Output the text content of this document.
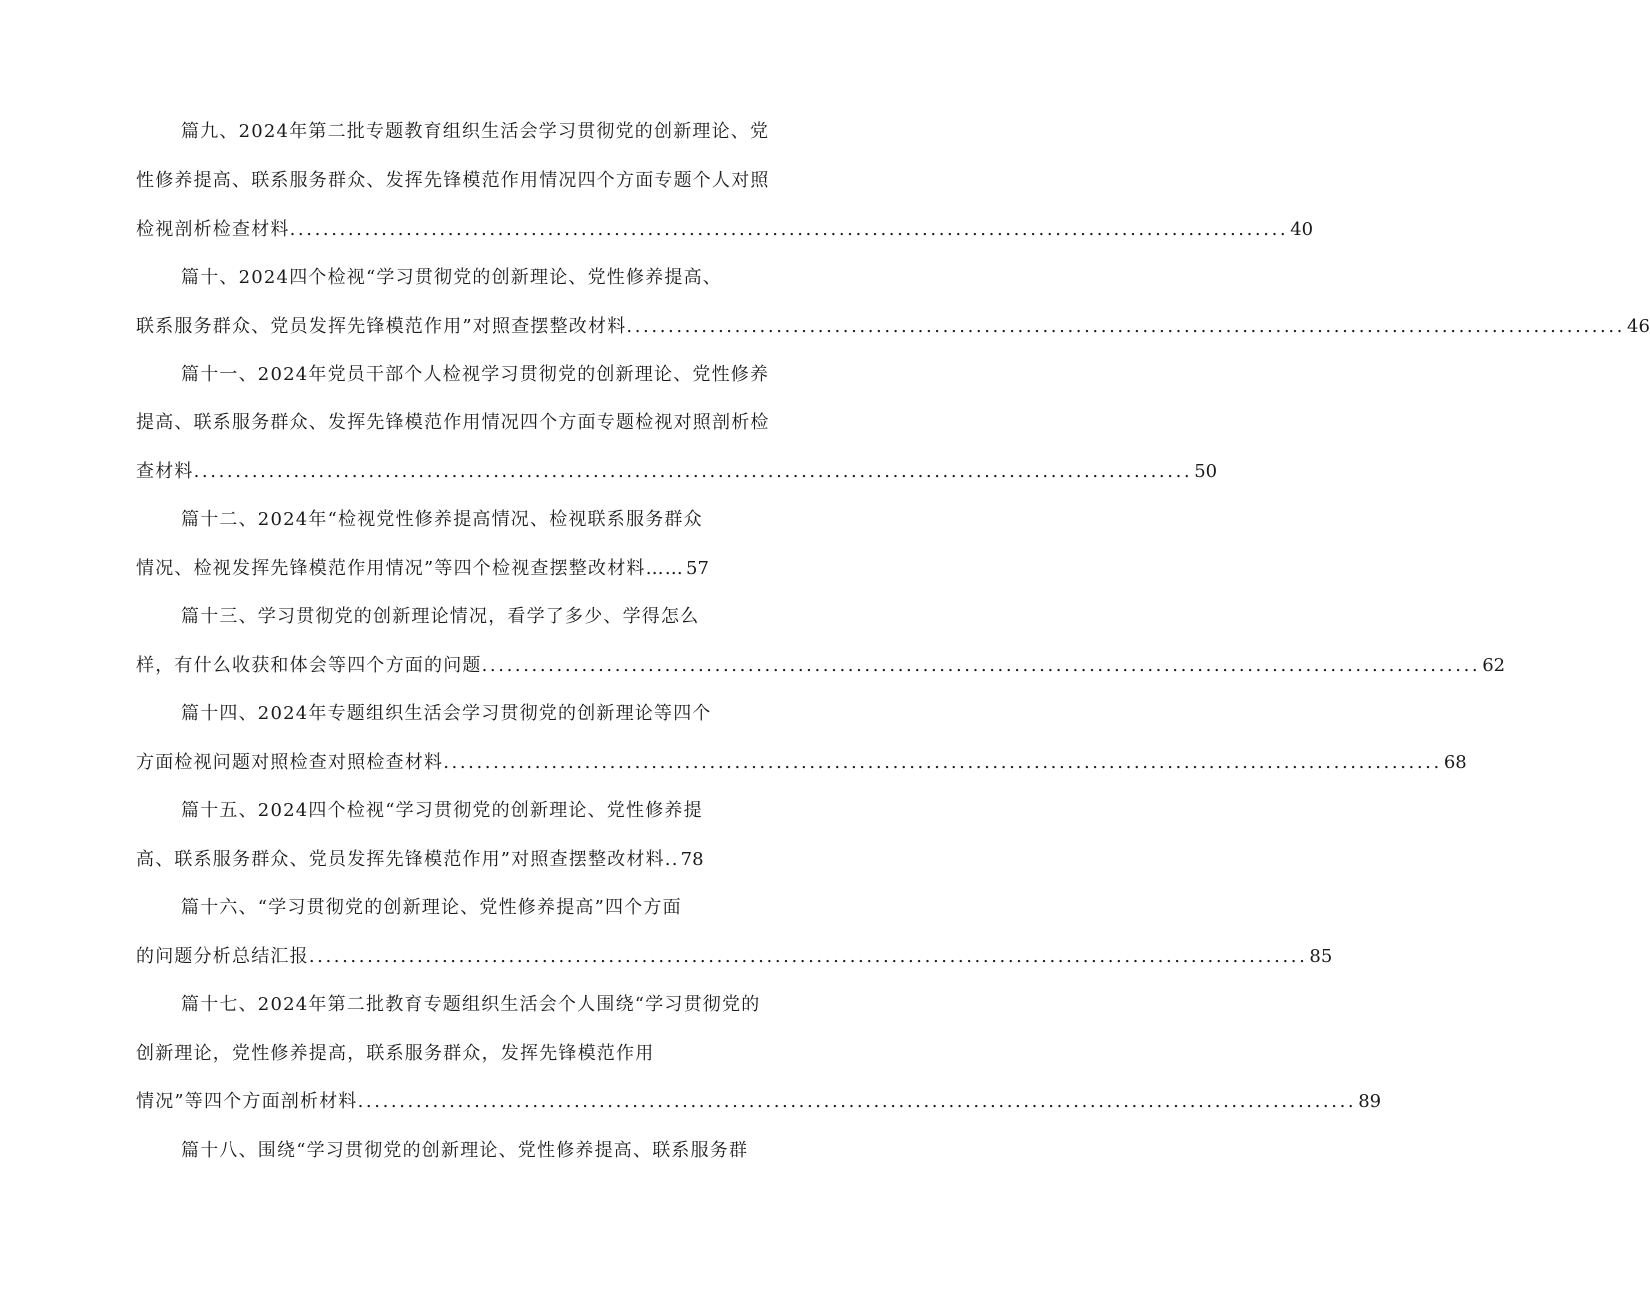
篇九、2024年第二批专题教育组织生活会学习贯彻党的创新理论、党
性修养提高、联系服务群众、发挥先锋模范作用情况四个方面专题个人对照
检视剖析检查材料 ........................................................................................................................ 40
篇十、2024四个检视“学习贯彻党的创新理论、党性修养提高、
联系服务群众、党员发挥先锋模范作用”对照查摆整改材料 ........................................................................................................................ 46
篇十一、2024年党员干部个人检视学习贯彻党的创新理论、党性修养
提高、联系服务群众、发挥先锋模范作用情况四个方面专题检视对照剖析检
查材料 ........................................................................................................................ 50
篇十二、2024年“检视党性修养提高情况、检视联系服务群众
情况、检视发挥先锋模范作用情况”等四个检视查摆整改材料…… 57
篇十三、学习贯彻党的创新理论情况，看学了多少、学得怎么
样，有什么收获和体会等四个方面的问题 ........................................................................................................................ 62
篇十四、2024年专题组织生活会学习贯彻党的创新理论等四个
方面检视问题对照检查对照检查材料 ........................................................................................................................ 68
篇十五、2024四个检视“学习贯彻党的创新理论、党性修养提
高、联系服务群众、党员发挥先锋模范作用”对照查摆整改材料.. 78
篇十六、“学习贯彻党的创新理论、党性修养提高”四个方面
的问题分析总结汇报 ........................................................................................................................ 85
篇十七、2024年第二批教育专题组织生活会个人围绕“学习贯彻党的
创新理论，党性修养提高，联系服务群众，发挥先锋模范作用
情况”等四个方面剖析材料 ........................................................................................................................ 89
篇十八、围绕“学习贯彻党的创新理论、党性修养提高、联系服务群
